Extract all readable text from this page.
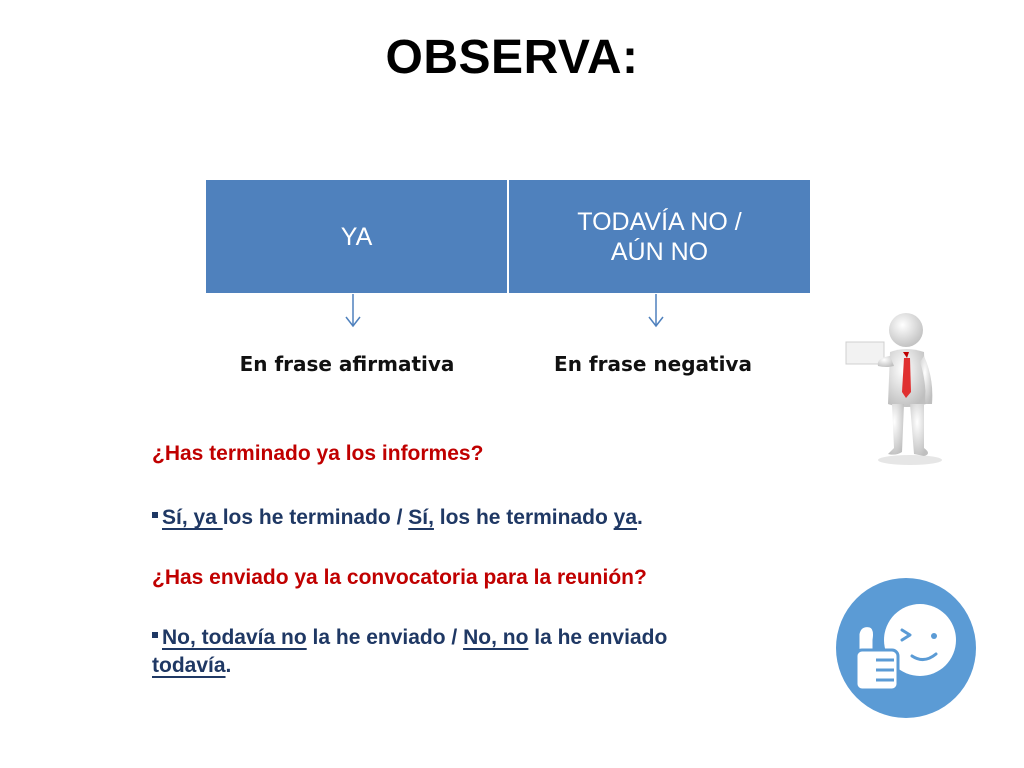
OBSERVA:
YA
TODAVÍA NO /
AÚN NO
En frase afirmativa	En frase negativa
¿Has terminado ya los informes?
Sí, ya los he terminado / Sí, los he terminado ya.
¿Has enviado ya la convocatoria para la reunión?
No, todavía no la he enviado / No, no la he enviado
todavía.
